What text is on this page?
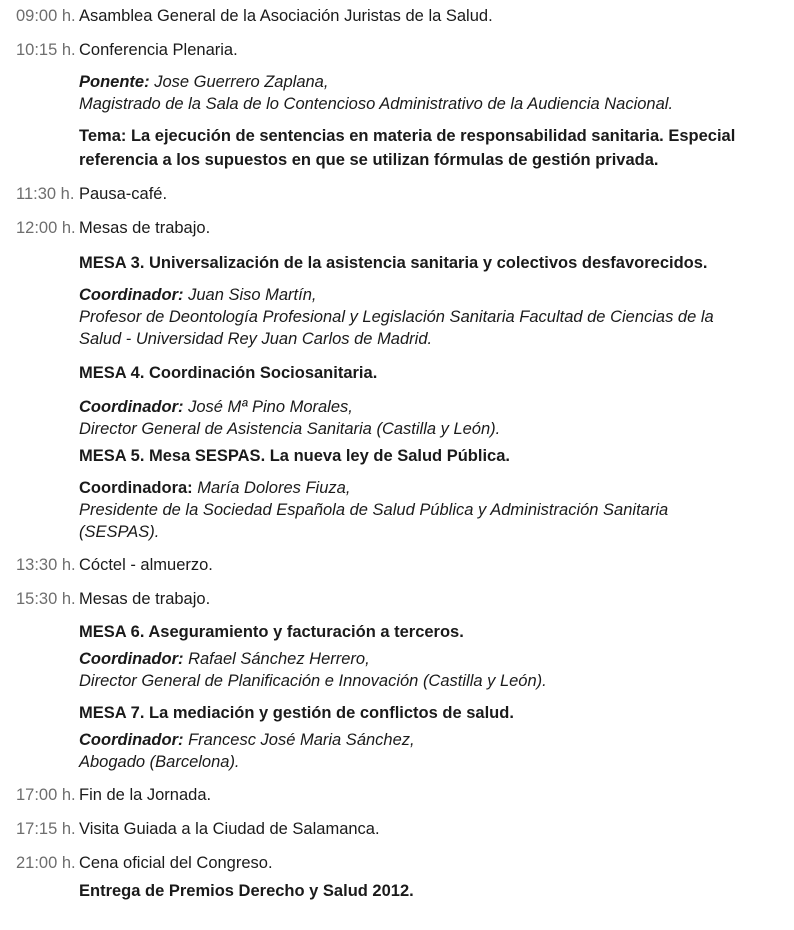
09:00 h. Asamblea General de la Asociación Juristas de la Salud.
10:15 h. Conferencia Plenaria.
Ponente: Jose Guerrero Zaplana,
Magistrado de la Sala de lo Contencioso Administrativo de la Audiencia Nacional.
Tema: La ejecución de sentencias en materia de responsabilidad sanitaria. Especial referencia a los supuestos en que se utilizan fórmulas de gestión privada.
11:30 h. Pausa-café.
12:00 h. Mesas de trabajo.
MESA 3. Universalización de la asistencia sanitaria y colectivos desfavorecidos.
Coordinador: Juan Siso Martín,
Profesor de Deontología Profesional y Legislación Sanitaria Facultad de Ciencias de la Salud - Universidad Rey Juan Carlos de Madrid.
MESA 4. Coordinación Sociosanitaria.
Coordinador: José Mª Pino Morales,
Director General de Asistencia Sanitaria (Castilla y León).
MESA 5. Mesa SESPAS. La nueva ley de Salud Pública.
Coordinadora: María Dolores Fiuza,
Presidente de la Sociedad Española de Salud Pública y Administración Sanitaria (SESPAS).
13:30 h. Cóctel - almuerzo.
15:30 h. Mesas de trabajo.
MESA 6. Aseguramiento y facturación a terceros.
Coordinador: Rafael Sánchez Herrero,
Director General de Planificación e Innovación (Castilla y León).
MESA 7. La mediación y gestión de conflictos de salud.
Coordinador: Francesc José Maria Sánchez,
Abogado (Barcelona).
17:00 h. Fin de la Jornada.
17:15 h. Visita Guiada a la Ciudad de Salamanca.
21:00 h. Cena oficial del Congreso.
Entrega de Premios Derecho y Salud 2012.
